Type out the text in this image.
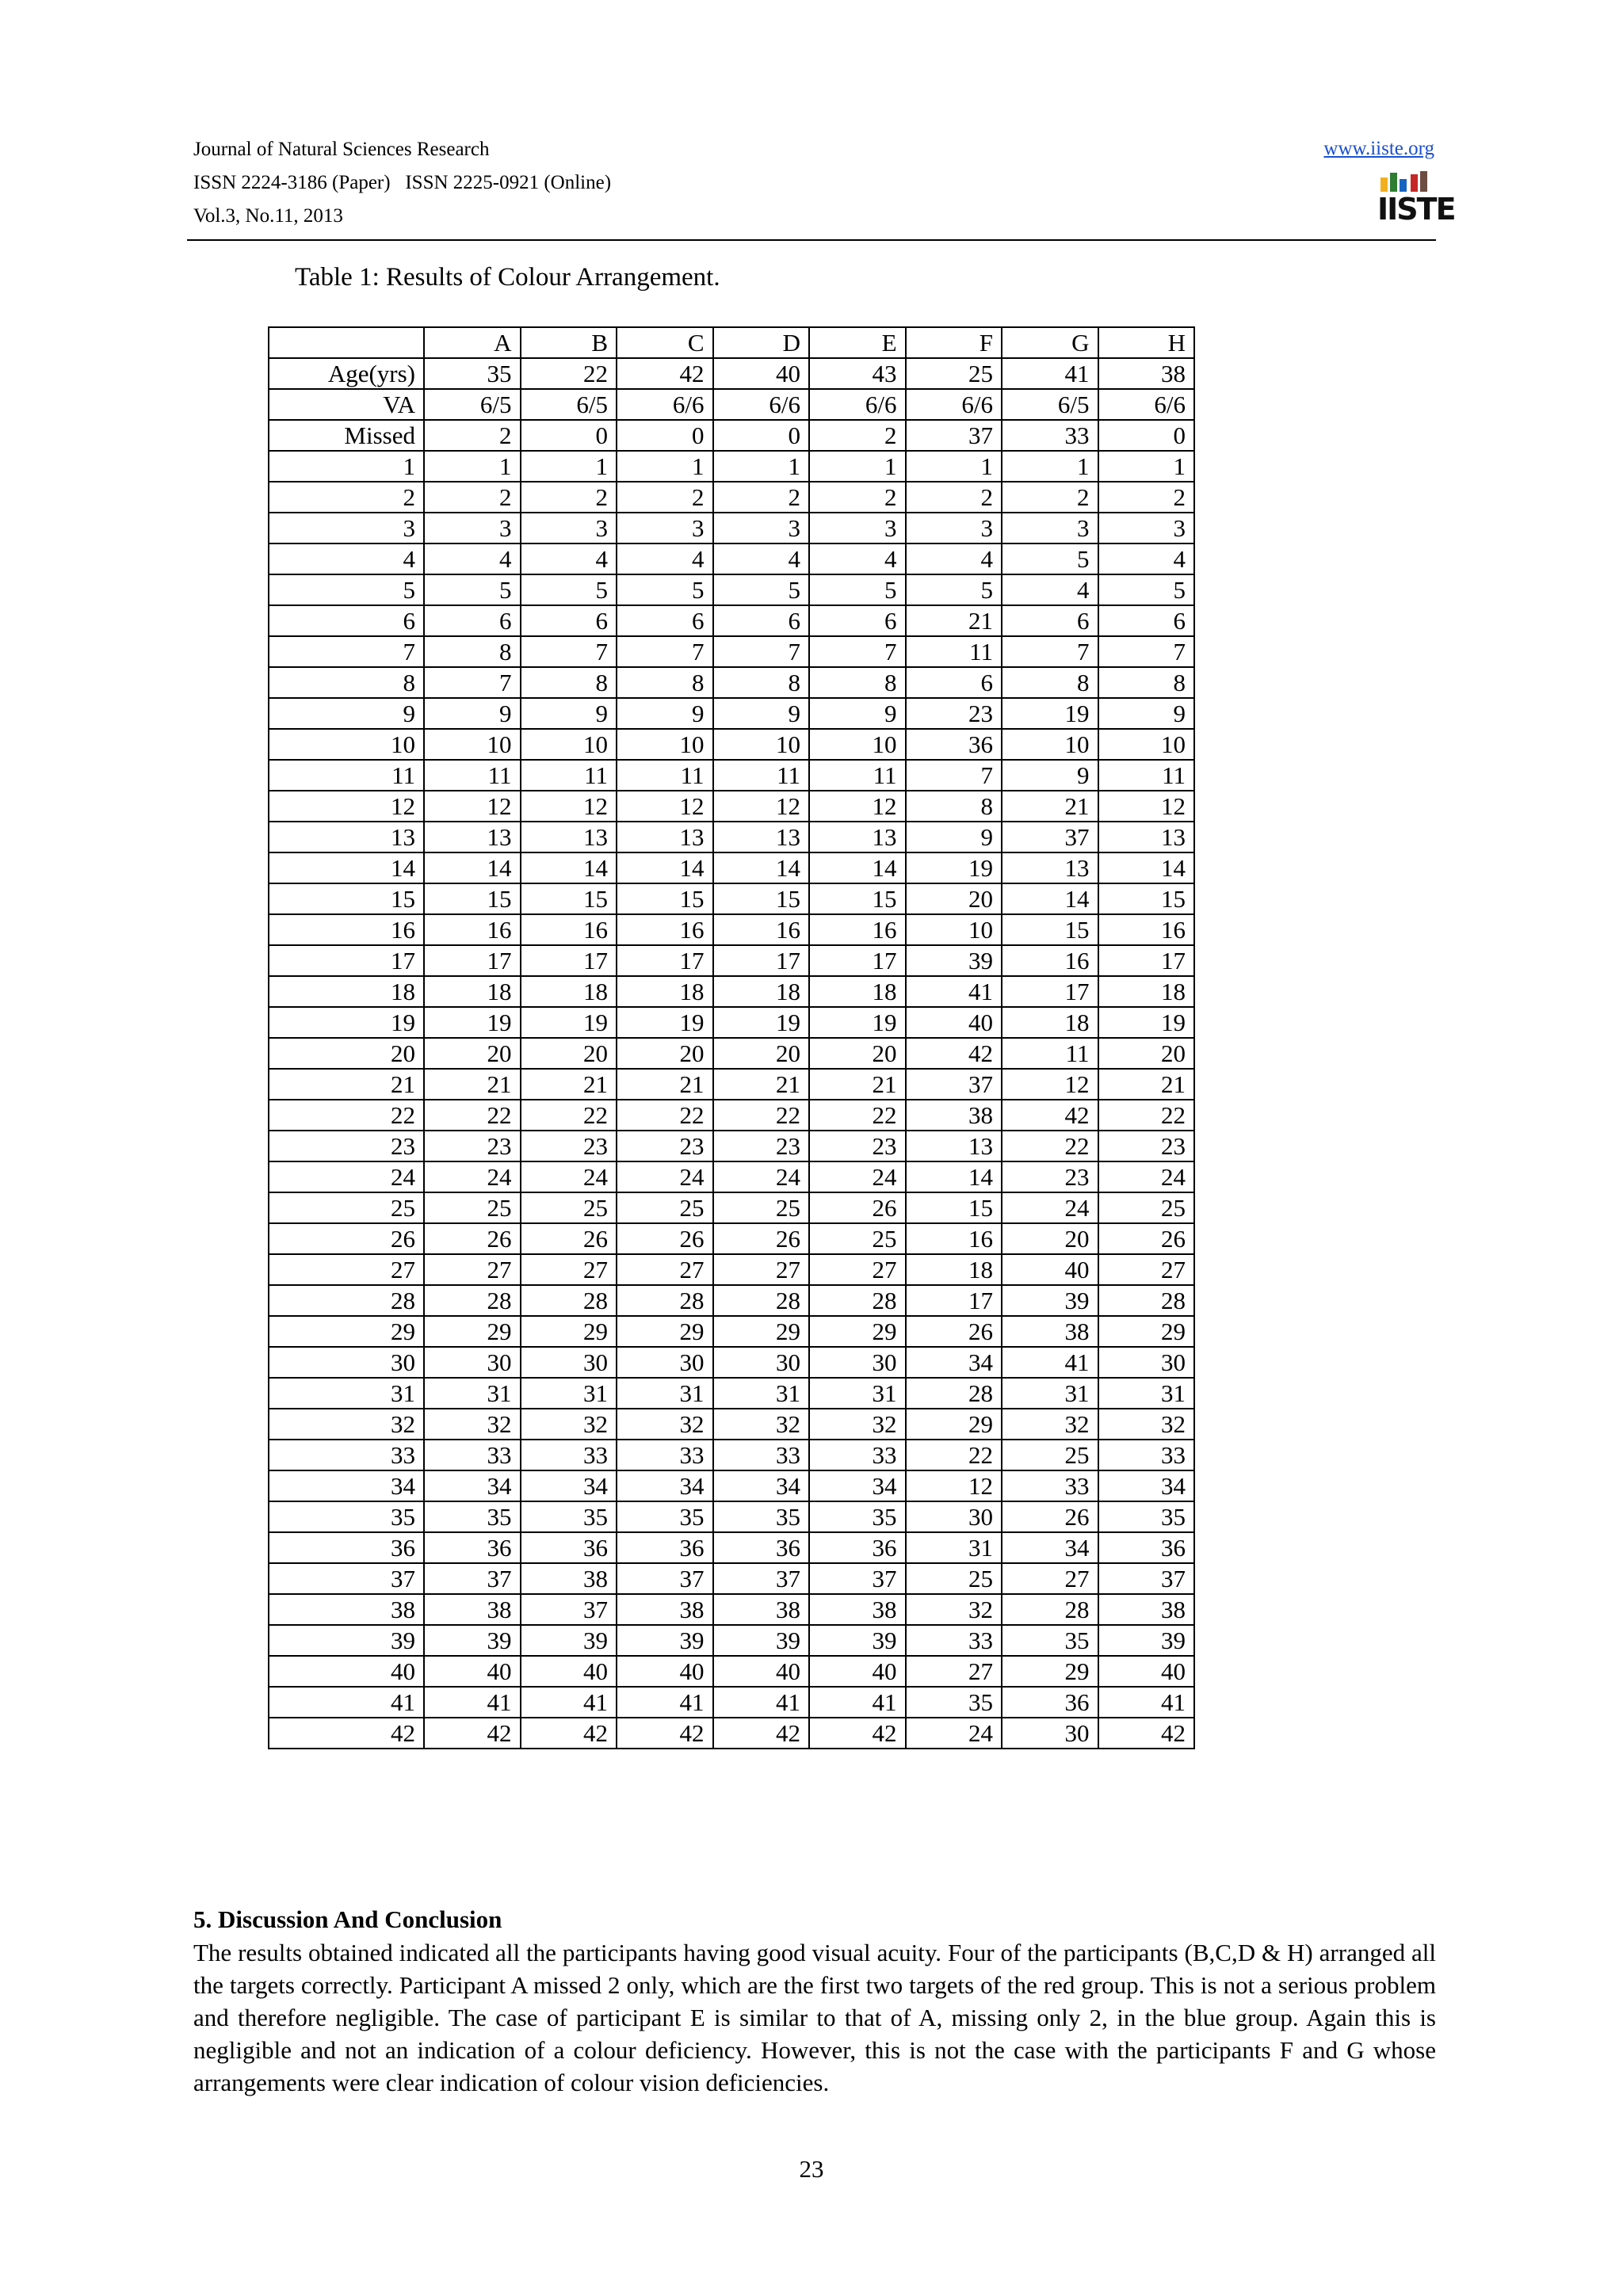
Journal of Natural Sciences Research
ISSN 2224-3186 (Paper)   ISSN 2225-0921 (Online)
Vol.3, No.11, 2013
www.iiste.org
IISTE
Table 1: Results of Colour Arrangement.
	A	B	C	D	E	F	G	H
Age(yrs)	35	22	42	40	43	25	41	38
VA	6/5	6/5	6/6	6/6	6/6	6/6	6/5	6/6
Missed	2	0	0	0	2	37	33	0
1	1	1	1	1	1	1	1	1
2	2	2	2	2	2	2	2	2
3	3	3	3	3	3	3	3	3
4	4	4	4	4	4	4	5	4
5	5	5	5	5	5	5	4	5
6	6	6	6	6	6	21	6	6
7	8	7	7	7	7	11	7	7
8	7	8	8	8	8	6	8	8
9	9	9	9	9	9	23	19	9
10	10	10	10	10	10	36	10	10
11	11	11	11	11	11	7	9	11
12	12	12	12	12	12	8	21	12
13	13	13	13	13	13	9	37	13
14	14	14	14	14	14	19	13	14
15	15	15	15	15	15	20	14	15
16	16	16	16	16	16	10	15	16
17	17	17	17	17	17	39	16	17
18	18	18	18	18	18	41	17	18
19	19	19	19	19	19	40	18	19
20	20	20	20	20	20	42	11	20
21	21	21	21	21	21	37	12	21
22	22	22	22	22	22	38	42	22
23	23	23	23	23	23	13	22	23
24	24	24	24	24	24	14	23	24
25	25	25	25	25	26	15	24	25
26	26	26	26	26	25	16	20	26
27	27	27	27	27	27	18	40	27
28	28	28	28	28	28	17	39	28
29	29	29	29	29	29	26	38	29
30	30	30	30	30	30	34	41	30
31	31	31	31	31	31	28	31	31
32	32	32	32	32	32	29	32	32
33	33	33	33	33	33	22	25	33
34	34	34	34	34	34	12	33	34
35	35	35	35	35	35	30	26	35
36	36	36	36	36	36	31	34	36
37	37	38	37	37	37	25	27	37
38	38	37	38	38	38	32	28	38
39	39	39	39	39	39	33	35	39
40	40	40	40	40	40	27	29	40
41	41	41	41	41	41	35	36	41
42	42	42	42	42	42	24	30	42
5. Discussion And Conclusion
The results obtained indicated all the participants having good visual acuity. Four of the participants (B,C,D & H) arranged all the targets correctly. Participant A missed 2 only, which are the first two targets of the red group. This is not a serious problem and therefore negligible. The case of participant E is similar to that of A, missing only 2, in the blue group. Again this is negligible and not an indication of a colour deficiency. However, this is not the case with the participants F and G whose arrangements were clear indication of colour vision deficiencies.
23
